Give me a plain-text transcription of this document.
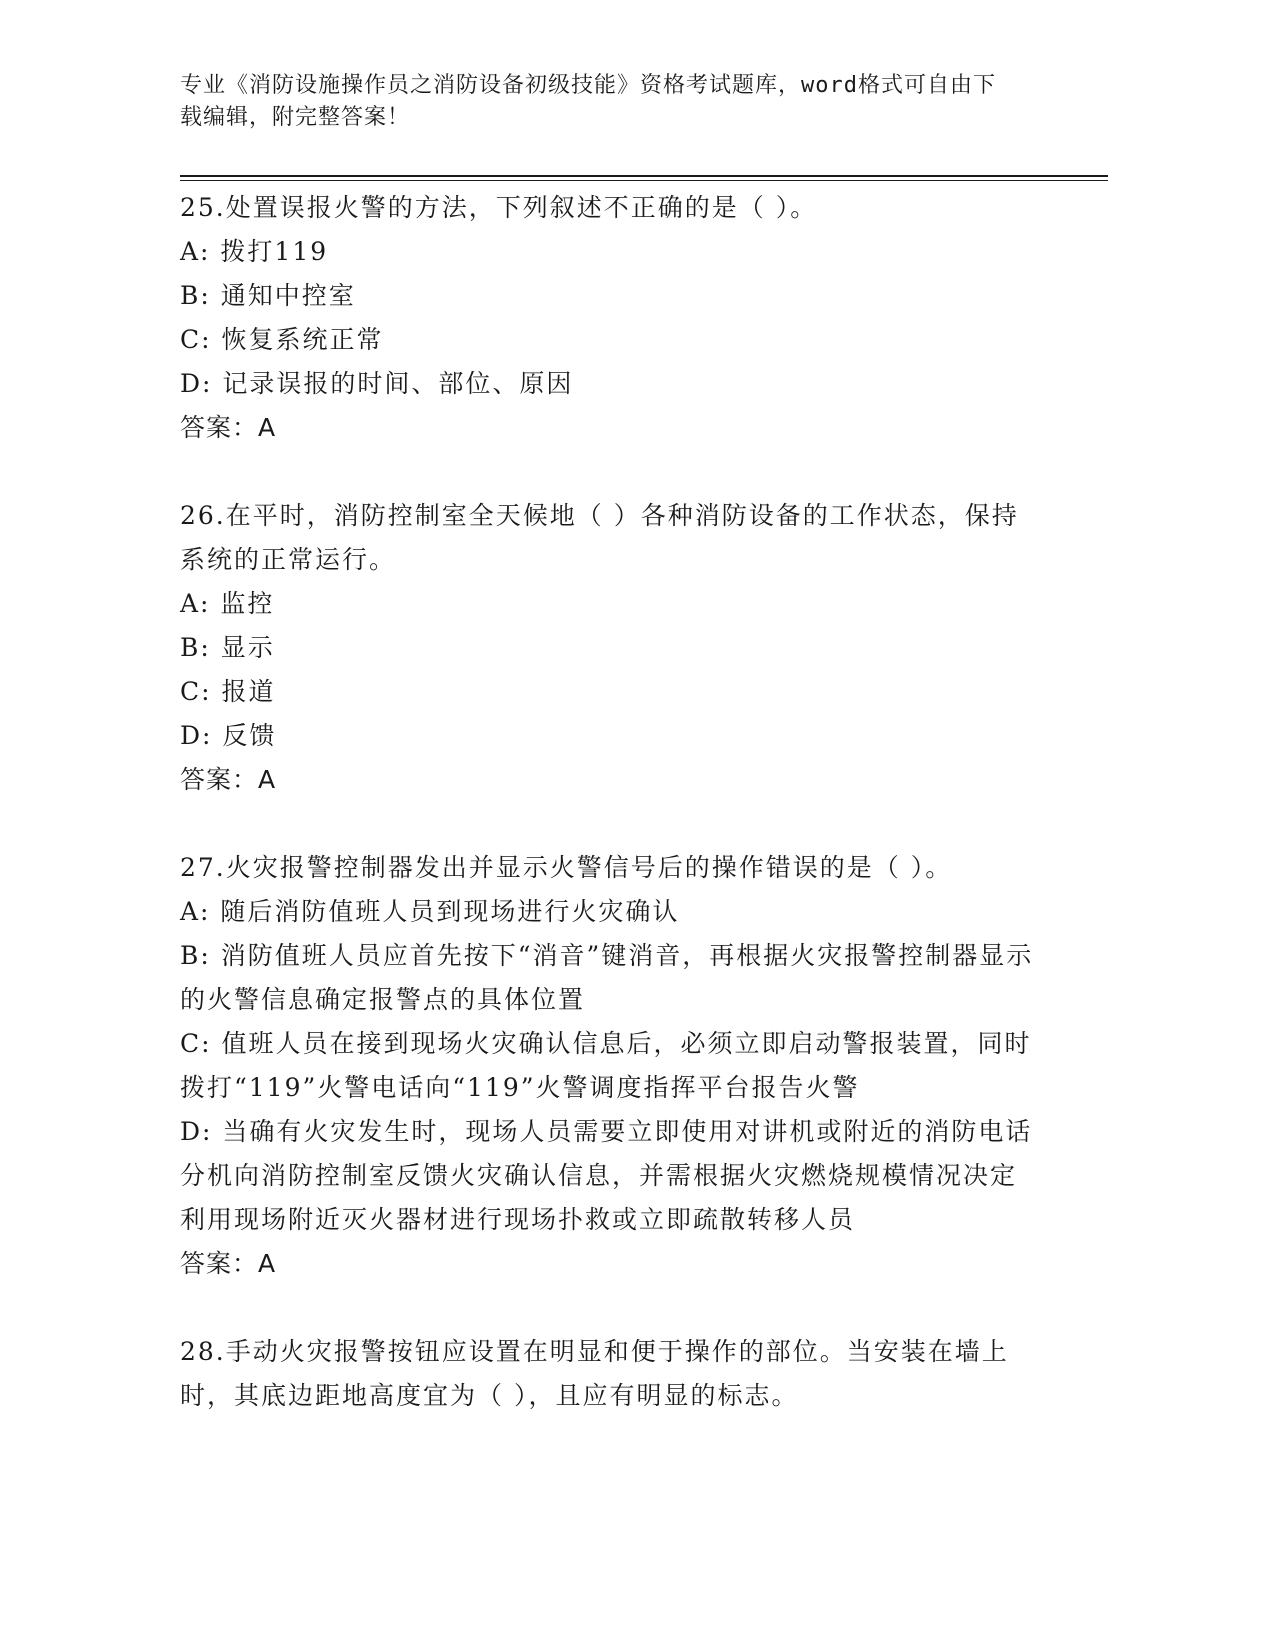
专业《消防设施操作员之消防设备初级技能》资格考试题库，word格式可自由下
载编辑，附完整答案！

25.处置误报火警的方法，下列叙述不正确的是（ ）。

A: 拨打119

B: 通知中控室

C: 恢复系统正常

D: 记录误报的时间、部位、原因

答案：A

26.在平时，消防控制室全天候地（ ）各种消防设备的工作状态，保持系统的正常运行。

A: 监控

B: 显示

C: 报道

D: 反馈

答案：A

27.火灾报警控制器发出并显示火警信号后的操作错误的是（ ）。

A: 随后消防值班人员到现场进行火灾确认

B: 消防值班人员应首先按下“消音”键消音，再根据火灾报警控制器显示的火警信息确定报警点的具体位置

C: 值班人员在接到现场火灾确认信息后，必须立即启动警报装置，同时拨打“119”火警电话向“119”火警调度指挥平台报告火警

D: 当确有火灾发生时，现场人员需要立即使用对讲机或附近的消防电话分机向消防控制室反馈火灾确认信息，并需根据火灾燃烧规模情况决定利用现场附近灭火器材进行现场扑救或立即疏散转移人员

答案：A

28.手动火灾报警按钮应设置在明显和便于操作的部位。当安装在墙上时，其底边距地高度宜为（ ），且应有明显的标志。
